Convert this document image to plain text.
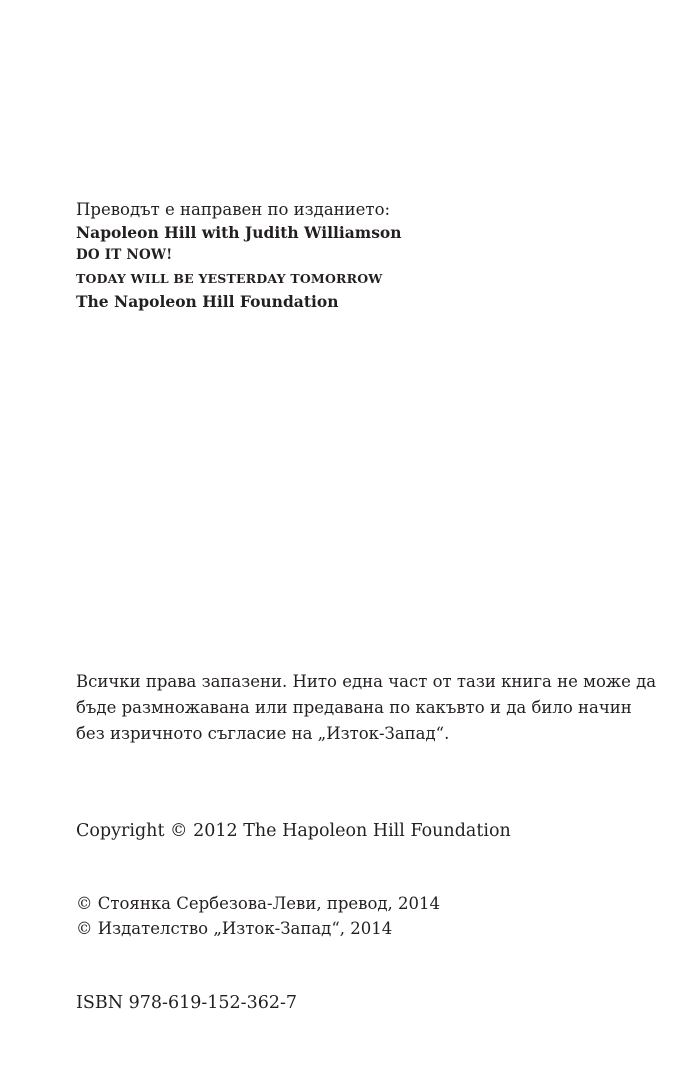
Преводът е направен по изданието:
Napoleon Hill with Judith Williamson
DO IT NOW!
TODAY WILL BE YESTERDAY TOMORROW
The Napoleon Hill Foundation
Всички права запазени. Нито една част от тази книга не може да
бъде размножавана или предавана по какъвто и да било начин
без изричното съгласие на „Изток-Запад“.
Copyright © 2012 The Hapoleon Hill Foundation
© Стоянка Сербезова-Леви, превод, 2014
© Издателство „Изток-Запад“, 2014
ISBN 978-619-152-362-7
